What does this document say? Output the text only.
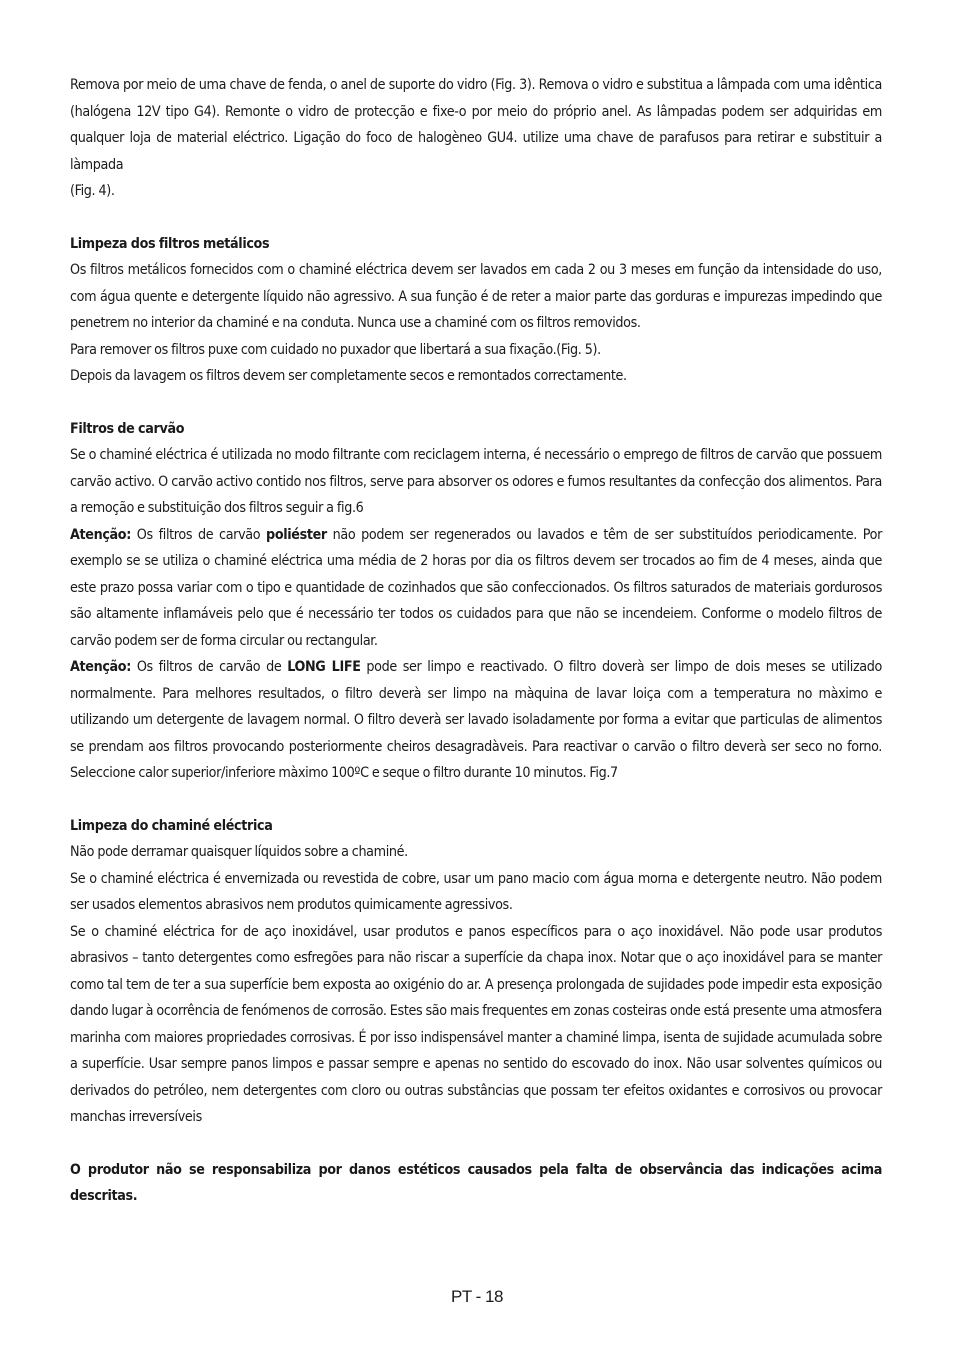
Remova por meio de uma chave de fenda, o anel de suporte do vidro (Fig. 3). Remova o vidro e substitua a lâmpada com uma idêntica (halógena 12V tipo G4). Remonte o vidro de protecção e fixe-o por meio do próprio anel. As lâmpadas podem ser adquiridas em qualquer loja de material eléctrico. Ligação do foco de halogèneo GU4. utilize uma chave de parafusos para retirar e substituir a làmpada

(Fig. 4).

Limpeza dos filtros metálicos

Os filtros metálicos fornecidos com o chaminé eléctrica devem ser lavados em cada 2 ou 3 meses em função da intensidade do uso, com água quente e detergente líquido não agressivo. A sua função é de reter a maior parte das gorduras e impurezas impedindo que penetrem no interior da chaminé e na conduta. Nunca use a chaminé com os filtros removidos.

Para remover os filtros puxe com cuidado no puxador que libertará a sua fixação.(Fig. 5).

Depois da lavagem os filtros devem ser completamente secos e remontados correctamente.

Filtros de carvão

Se o chaminé eléctrica é utilizada no modo filtrante com reciclagem interna, é necessário o emprego de filtros de carvão que possuem carvão activo. O carvão activo contido nos filtros, serve para absorver os odores e fumos resultantes da confecção dos alimentos. Para a remoção e substituição dos filtros seguir a fig.6

Atenção: Os filtros de carvão poliéster não podem ser regenerados ou lavados e têm de ser substituídos periodicamente. Por exemplo se se utiliza o chaminé eléctrica uma média de 2 horas por dia os filtros devem ser trocados ao fim de 4 meses, ainda que este prazo possa variar com o tipo e quantidade de cozinhados que são confeccionados. Os filtros saturados de materiais gordurosos são altamente inflamáveis pelo que é necessário ter todos os cuidados para que não se incendeiem. Conforme o modelo filtros de carvão podem ser de forma circular ou rectangular.

Atenção: Os filtros de carvão de LONG LIFE pode ser limpo e reactivado. O filtro doverà ser limpo de dois meses se utilizado normalmente. Para melhores resultados, o filtro deverà ser limpo na màquina de lavar loiça com a temperatura no màximo e utilizando um detergente de lavagem normal. O filtro deverà ser lavado isoladamente por forma a evitar que particulas de alimentos se prendam aos filtros provocando posteriormente cheiros desagradàveis. Para reactivar o carvão o filtro deverà ser seco no forno. Seleccione calor superior/inferiore màximo 100ºC e seque o filtro durante 10 minutos. Fig.7

Limpeza do chaminé eléctrica

Não pode derramar quaisquer líquidos sobre a chaminé.

Se o chaminé eléctrica é envernizada ou revestida de cobre, usar um pano macio com água morna e detergente neutro. Não podem ser usados elementos abrasivos nem produtos quimicamente agressivos.

Se o chaminé eléctrica for de aço inoxidável, usar produtos e panos específicos para o aço inoxidável. Não pode usar produtos abrasivos – tanto detergentes como esfregões para não riscar a superfície da chapa inox. Notar que o aço inoxidável para se manter como tal tem de ter a sua superfície bem exposta ao oxigénio do ar. A presença prolongada de sujidades pode impedir esta exposição dando lugar à ocorrência de fenómenos de corrosão. Estes são mais frequentes em zonas costeiras onde está presente uma atmosfera marinha com maiores propriedades corrosivas. É por isso indispensável manter a chaminé limpa, isenta de sujidade acumulada sobre a superfície. Usar sempre panos limpos e passar sempre e apenas no sentido do escovado do inox. Não usar solventes químicos ou derivados do petróleo, nem detergentes com cloro ou outras substâncias que possam ter efeitos oxidantes e corrosivos ou provocar manchas irreversíveis

O produtor não se responsabiliza por danos estéticos causados pela falta de observância das indicações acima descritas.

PT - 18
